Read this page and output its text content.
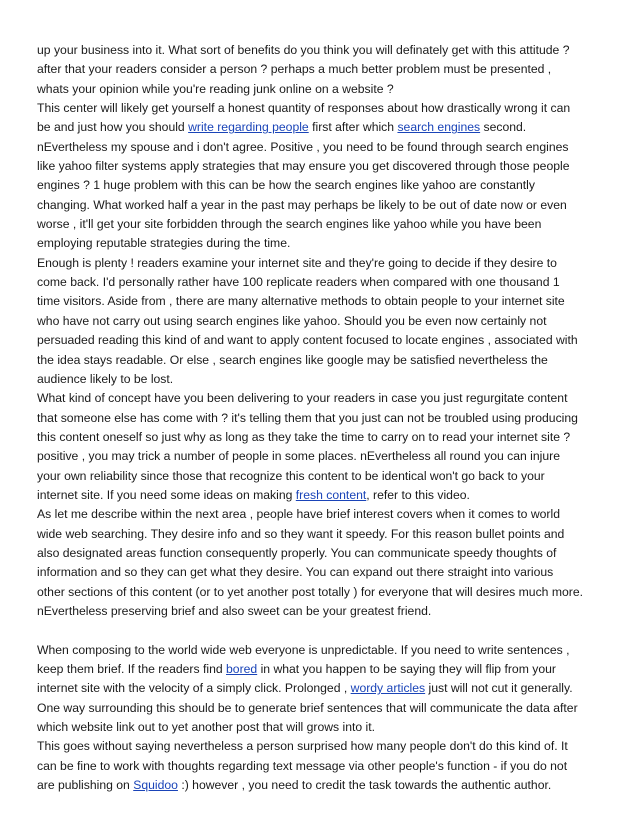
up your business into it. What sort of benefits do you think you will definately get with this attitude ?
after that your readers consider a person ? perhaps a much better problem must be presented ,
whats your opinion while you're reading junk online on a website ?
This center will likely get yourself a honest quantity of responses about how drastically wrong it can
be and just how you should write regarding people first after which search engines second.
nEvertheless my spouse and i don't agree. Positive , you need to be found through search engines
like yahoo filter systems apply strategies that may ensure you get discovered through those people
engines ? 1 huge problem with this can be how the search engines like yahoo are constantly
changing. What worked half a year in the past may perhaps be likely to be out of date now or even
worse , it'll get your site forbidden through the search engines like yahoo while you have been
employing reputable strategies during the time.
Enough is plenty ! readers examine your internet site and they're going to decide if they desire to
come back. I'd personally rather have 100 replicate readers when compared with one thousand 1
time visitors. Aside from , there are many alternative methods to obtain people to your internet site
who have not carry out using search engines like yahoo. Should you be even now certainly not
persuaded reading this kind of and want to apply content focused to locate engines , associated with
the idea stays readable. Or else , search engines like google may be satisfied nevertheless the
audience likely to be lost.
What kind of concept have you been delivering to your readers in case you just regurgitate content
that someone else has come with ? it's telling them that you just can not be troubled using producing
this content oneself so just why as long as they take the time to carry on to read your internet site ?
positive , you may trick a number of people in some places. nEvertheless all round you can injure
your own reliability since those that recognize this content to be identical won't go back to your
internet site. If you need some ideas on making fresh content, refer to this video.
As let me describe within the next area , people have brief interest covers when it comes to world
wide web searching. They desire info and so they want it speedy. For this reason bullet points and
also designated areas function consequently properly. You can communicate speedy thoughts of
information and so they can get what they desire. You can expand out there straight into various
other sections of this content (or to yet another post totally ) for everyone that will desires much more.
nEvertheless preserving brief and also sweet can be your greatest friend.
When composing to the world wide web everyone is unpredictable. If you need to write sentences ,
keep them brief. If the readers find bored in what you happen to be saying they will flip from your
internet site with the velocity of a simply click. Prolonged , wordy articles just will not cut it generally.
One way surrounding this should be to generate brief sentences that will communicate the data after
which website link out to yet another post that will grows into it.
This goes without saying nevertheless a person surprised how many people don't do this kind of. It
can be fine to work with thoughts regarding text message via other people's function - if you do not
are publishing on Squidoo :) however , you need to credit the task towards the authentic author.
